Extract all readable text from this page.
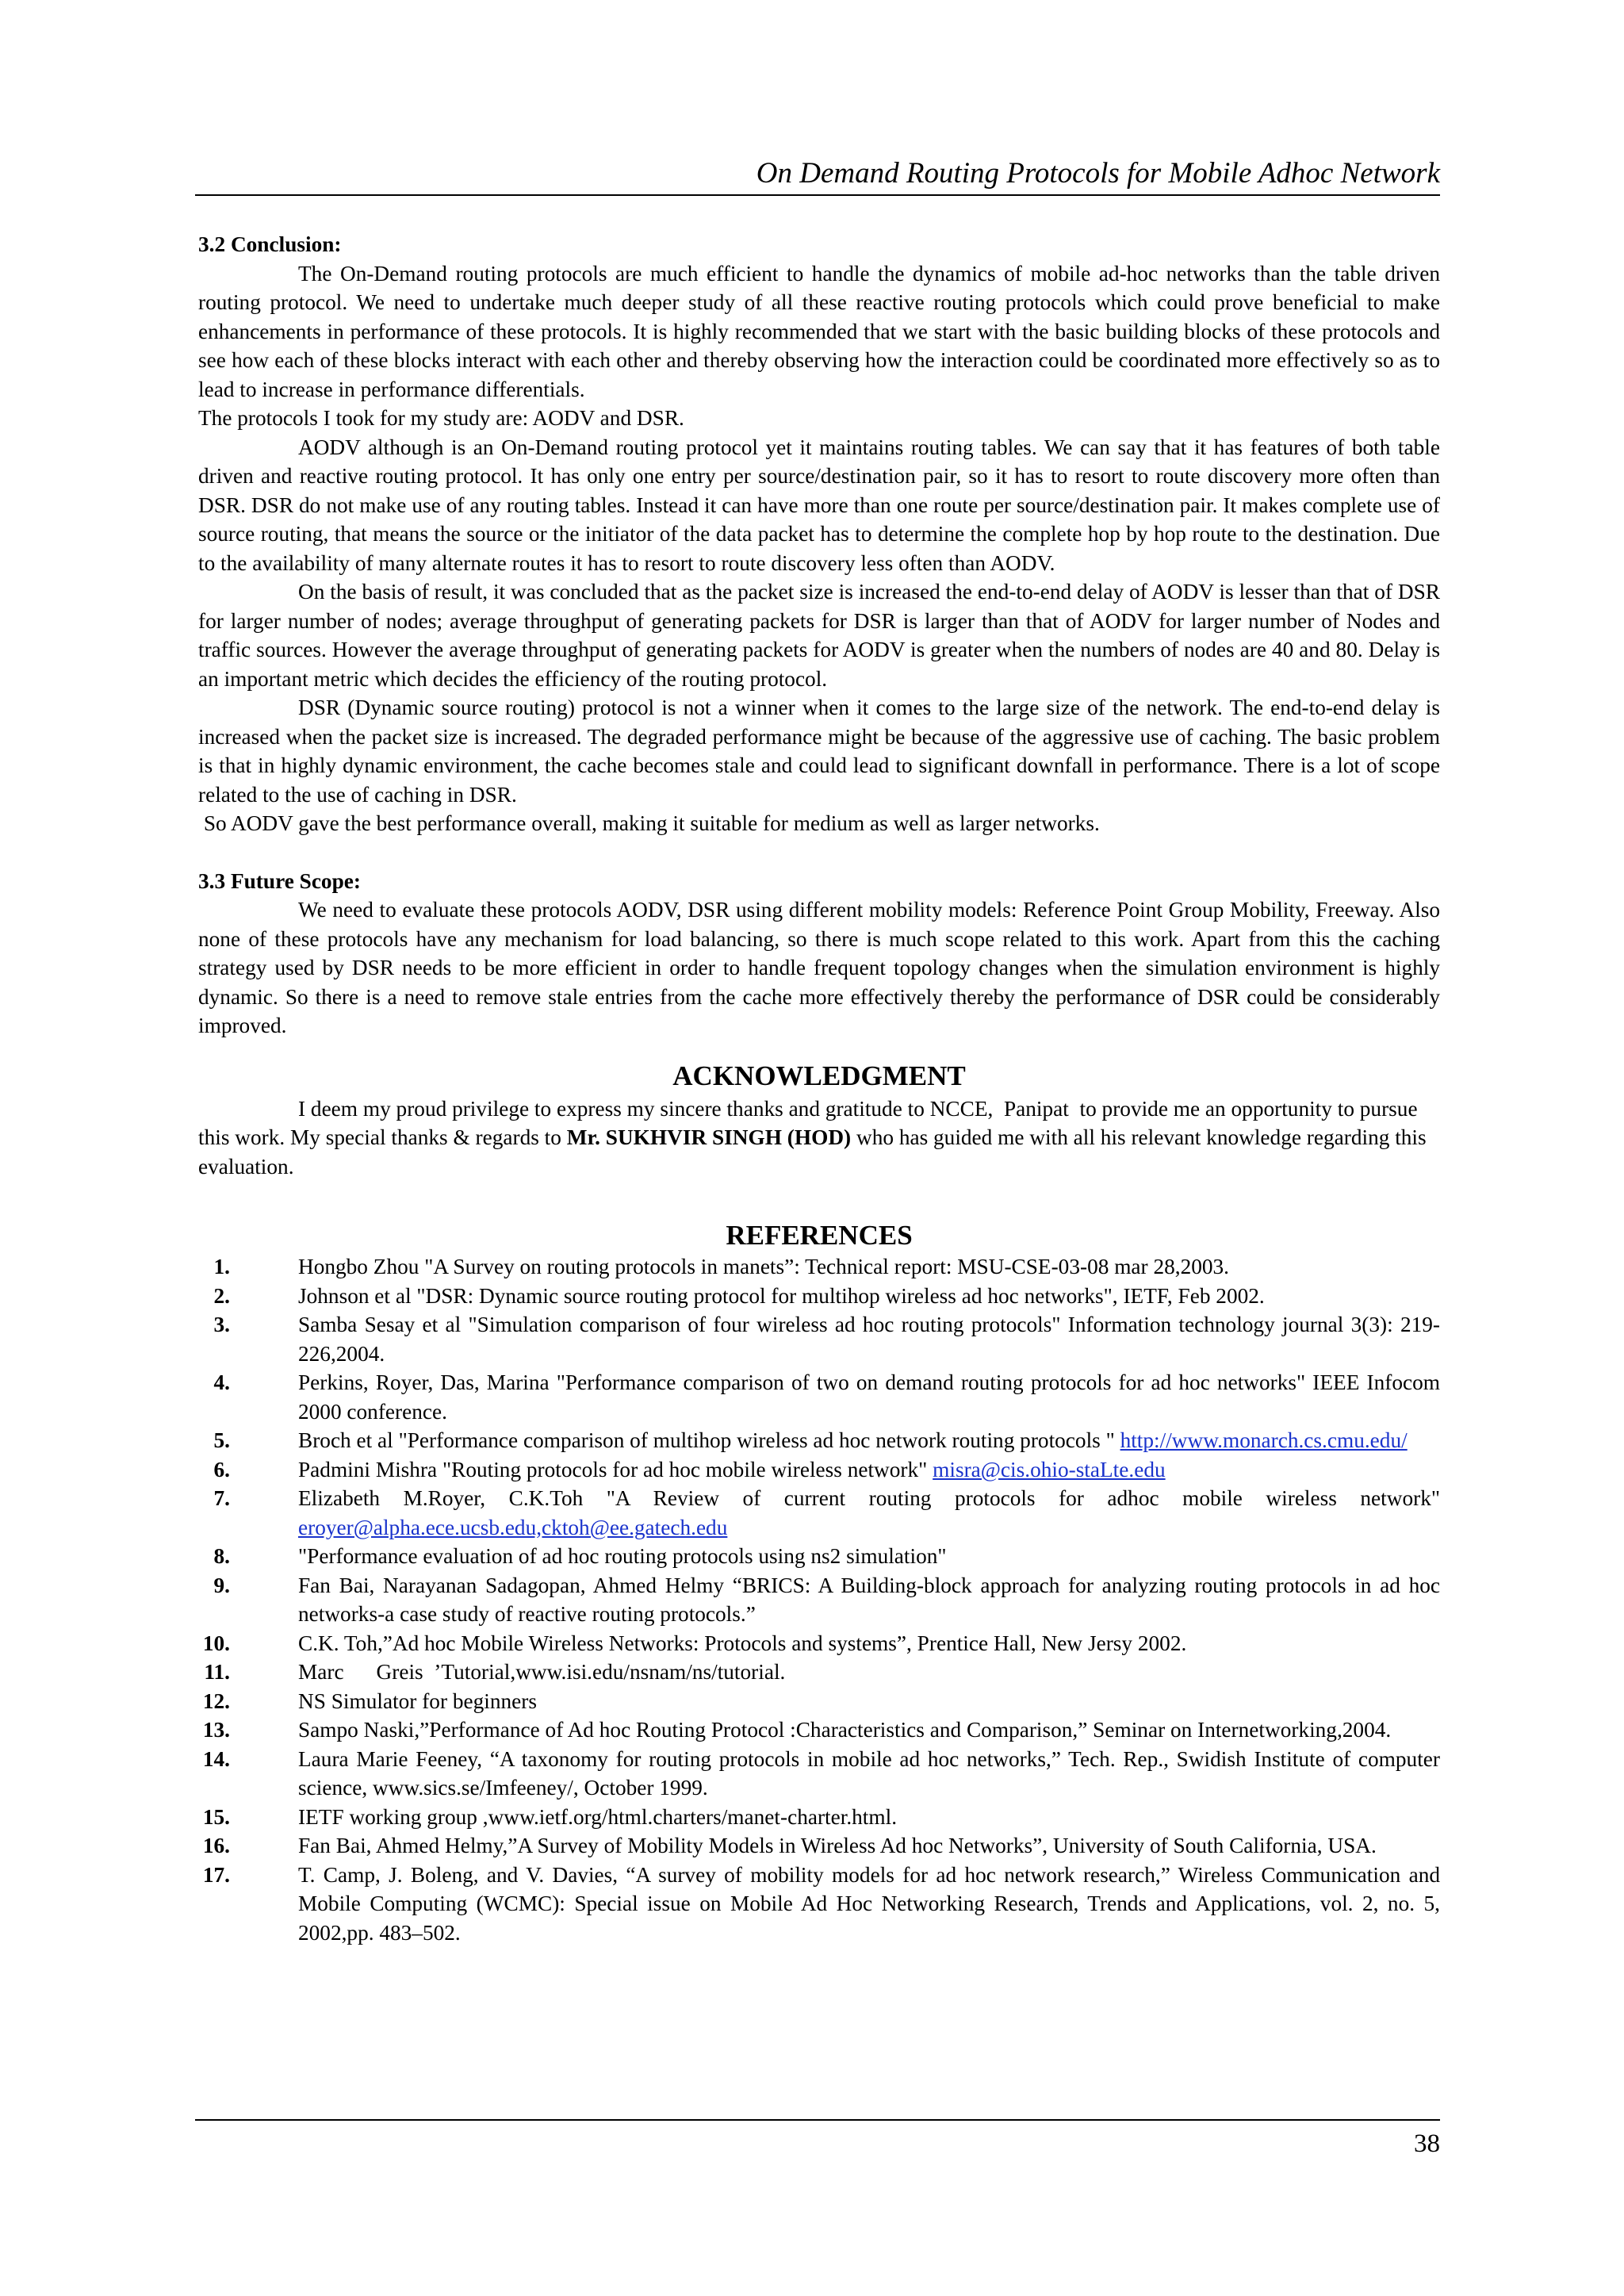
On Demand Routing Protocols for Mobile Adhoc Network

3.2 Conclusion:

The On-Demand routing protocols are much efficient to handle the dynamics of mobile ad-hoc networks than the table driven routing protocol. We need to undertake much deeper study of all these reactive routing protocols which could prove beneficial to make enhancements in performance of these protocols. It is highly recommended that we start with the basic building blocks of these protocols and see how each of these blocks interact with each other and thereby observing how the interaction could be coordinated more effectively so as to lead to increase in performance differentials.

The protocols I took for my study are: AODV and DSR.

AODV although is an On-Demand routing protocol yet it maintains routing tables. We can say that it has features of both table driven and reactive routing protocol. It has only one entry per source/destination pair, so it has to resort to route discovery more often than DSR. DSR do not make use of any routing tables. Instead it can have more than one route per source/destination pair. It makes complete use of source routing, that means the source or the initiator of the data packet has to determine the complete hop by hop route to the destination. Due to the availability of many alternate routes it has to resort to route discovery less often than AODV.

On the basis of result, it was concluded that as the packet size is increased the end-to-end delay of AODV is lesser than that of DSR for larger number of nodes; average throughput of generating packets for DSR is larger than that of AODV for larger number of Nodes and traffic sources. However the average throughput of generating packets for AODV is greater when the numbers of nodes are 40 and 80. Delay is an important metric which decides the efficiency of the routing protocol.

DSR (Dynamic source routing) protocol is not a winner when it comes to the large size of the network. The end-to-end delay is increased when the packet size is increased. The degraded performance might be because of the aggressive use of caching. The basic problem is that in highly dynamic environment, the cache becomes stale and could lead to significant downfall in performance. There is a lot of scope related to the use of caching in DSR.

So AODV gave the best performance overall, making it suitable for medium as well as larger networks.

3.3 Future Scope:

We need to evaluate these protocols AODV, DSR using different mobility models: Reference Point Group Mobility, Freeway. Also none of these protocols have any mechanism for load balancing, so there is much scope related to this work. Apart from this the caching strategy used by DSR needs to be more efficient in order to handle frequent topology changes when the simulation environment is highly dynamic. So there is a need to remove stale entries from the cache more effectively thereby the performance of DSR could be considerably improved.

ACKNOWLEDGMENT

I deem my proud privilege to express my sincere thanks and gratitude to NCCE,  Panipat  to provide me an opportunity to pursue this work. My special thanks & regards to Mr. SUKHVIR SINGH (HOD) who has guided me with all his relevant knowledge regarding this evaluation.

REFERENCES

1.	Hongbo Zhou "A Survey on routing protocols in manets”: Technical report: MSU-CSE-03-08 mar 28,2003.
2.	Johnson et al "DSR: Dynamic source routing protocol for multihop wireless ad hoc networks", IETF, Feb 2002.
3.	Samba Sesay et al "Simulation comparison of four wireless ad hoc routing protocols" Information technology journal 3(3): 219-226,2004.
4.	Perkins, Royer, Das, Marina "Performance comparison of two on demand routing protocols for ad hoc networks" IEEE Infocom 2000 conference.
5.	Broch et al "Performance comparison of multihop wireless ad hoc network routing protocols " http://www.monarch.cs.cmu.edu/
6.	Padmini Mishra "Routing protocols for ad hoc mobile wireless network" misra@cis.ohio-staLte.edu
7.	Elizabeth M.Royer, C.K.Toh "A Review of current routing protocols for adhoc mobile wireless network" eroyer@alpha.ece.ucsb.edu,cktoh@ee.gatech.edu
8.	"Performance evaluation of ad hoc routing protocols using ns2 simulation"
9.	Fan Bai, Narayanan Sadagopan, Ahmed Helmy “BRICS: A Building-block approach for analyzing routing protocols in ad hoc networks-a case study of reactive routing protocols.”
10.	C.K. Toh,”Ad hoc Mobile Wireless Networks: Protocols and systems”, Prentice Hall, New Jersy 2002.
11.	Marc      Greis  ’Tutorial,www.isi.edu/nsnam/ns/tutorial.
12.	NS Simulator for beginners
13.	Sampo Naski,”Performance of Ad hoc Routing Protocol :Characteristics and Comparison,” Seminar on Internetworking,2004.
14.	Laura Marie Feeney, “A taxonomy for routing protocols in mobile ad hoc networks,” Tech. Rep., Swidish Institute of computer science, www.sics.se/Imfeeney/, October 1999.
15.	IETF working group ,www.ietf.org/html.charters/manet-charter.html.
16.	Fan Bai, Ahmed Helmy,”A Survey of Mobility Models in Wireless Ad hoc Networks”, University of South California, USA.
17.	T. Camp, J. Boleng, and V. Davies, “A survey of mobility models for ad hoc network research,” Wireless Communication and Mobile Computing (WCMC): Special issue on Mobile Ad Hoc Networking Research, Trends and Applications, vol. 2, no. 5, 2002,pp. 483–502.
38
